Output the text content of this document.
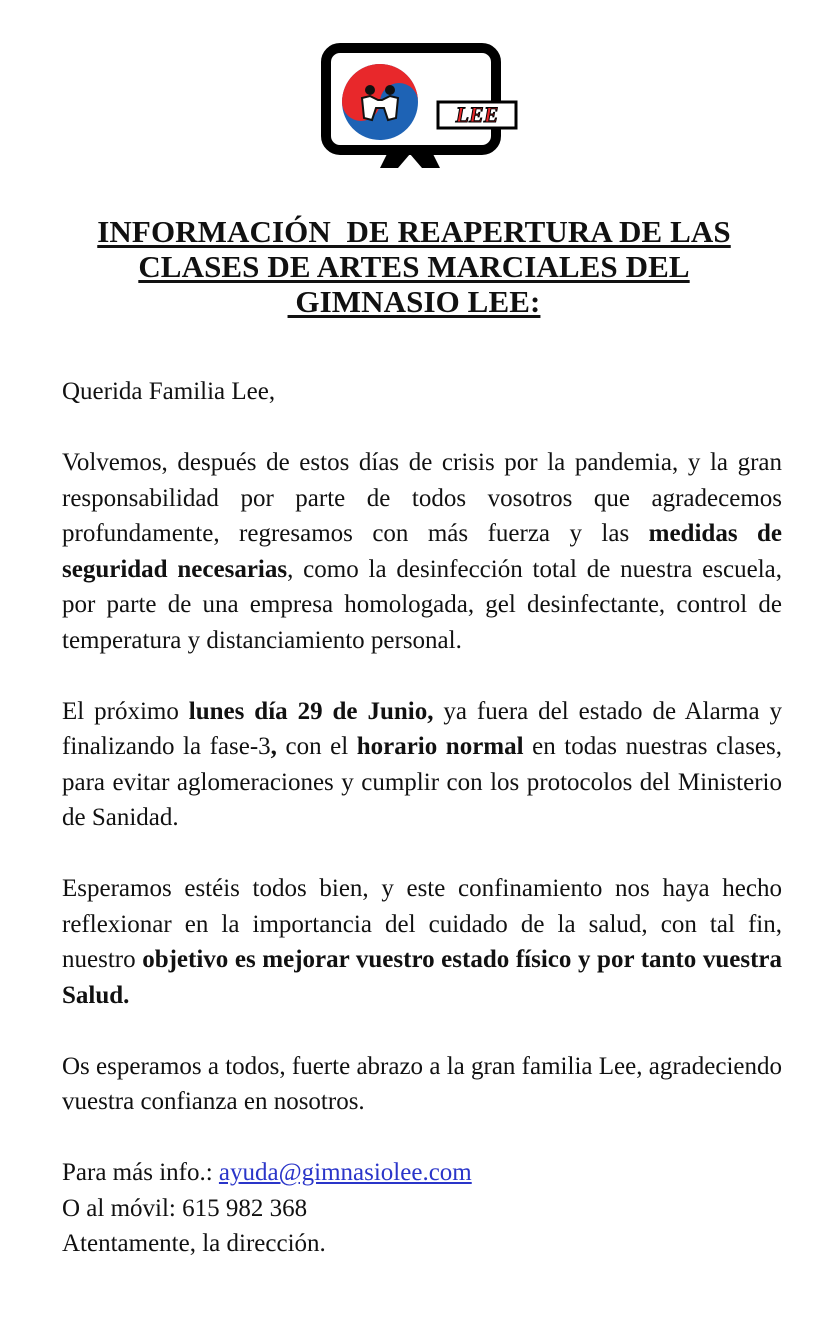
LEE
INFORMACIÓN  DE REAPERTURA DE LAS
CLASES DE ARTES MARCIALES DEL
GIMNASIO LEE:

Querida Familia Lee,

Volvemos, después de estos días de crisis por la pandemia, y la gran responsabilidad por parte de todos vosotros que agradecemos profundamente, regresamos con más fuerza y las medidas de seguridad necesarias, como la desinfección total de nuestra escuela, por parte de una empresa homologada, gel desinfectante, control de temperatura y distanciamiento personal.

El próximo lunes día 29 de Junio, ya fuera del estado de Alarma y finalizando la fase-3, con el horario normal en todas nuestras clases, para evitar aglomeraciones y cumplir con los protocolos del Ministerio de Sanidad.

Esperamos estéis todos bien, y este confinamiento nos haya hecho reflexionar en la importancia del cuidado de la salud, con tal fin, nuestro objetivo es mejorar vuestro estado físico y por tanto vuestra Salud.

Os esperamos a todos, fuerte abrazo a la gran familia Lee, agradeciendo vuestra confianza en nosotros.

Para más info.: ayuda@gimnasiolee.com
O al móvil: 615 982 368
Atentamente, la dirección.
